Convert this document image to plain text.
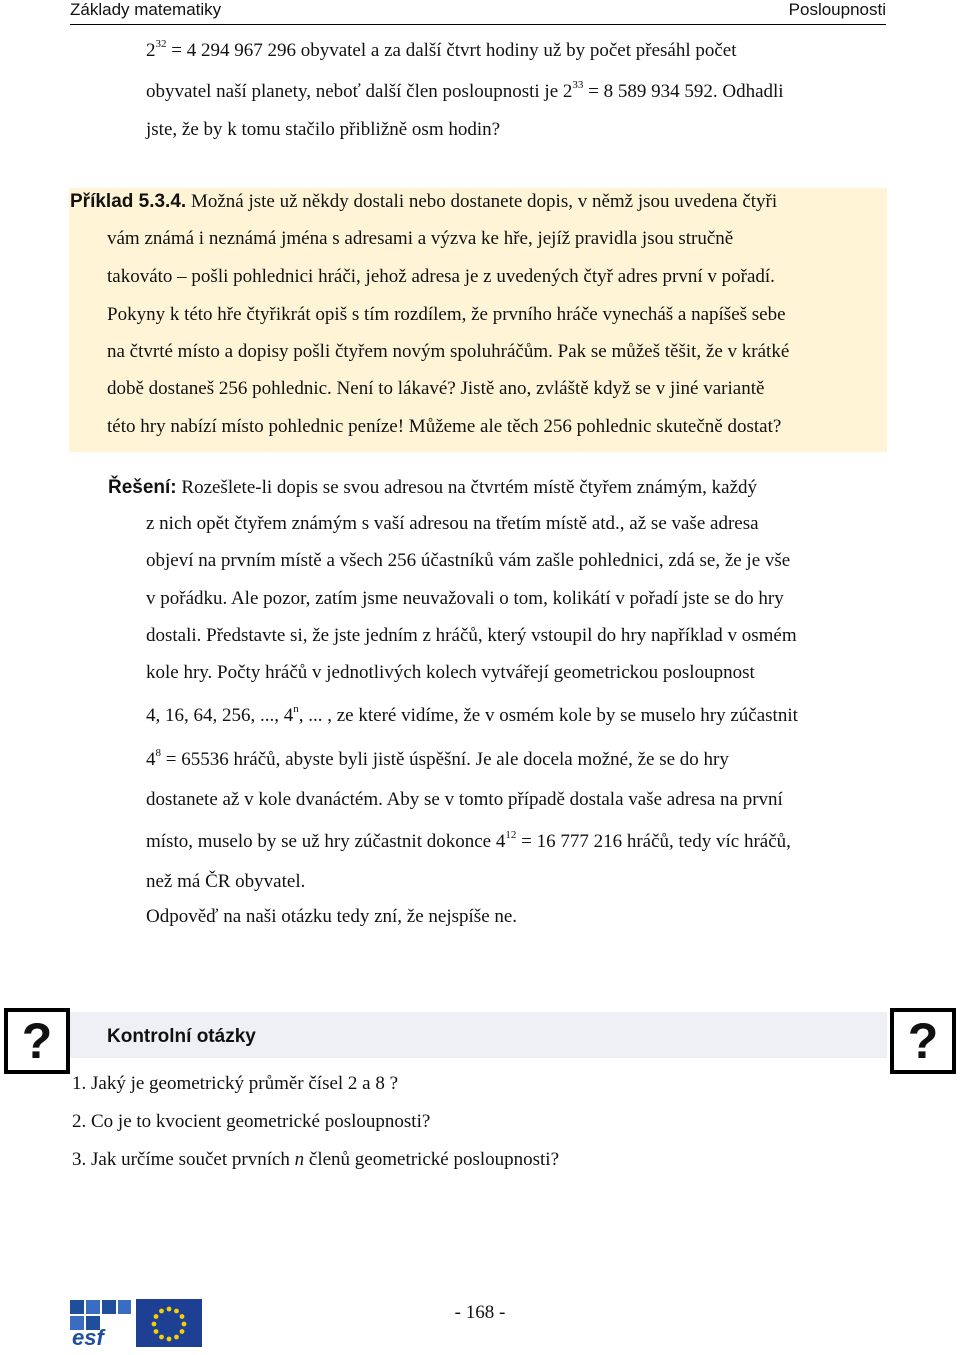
Základy matematiky	Posloupnosti
$2^{32} = 4$ 294 967 296 obyvatel a za další čtvrt hodiny už by počet přesáhl počet
obyvatel naší planety, neboť další člen posloupnosti je $2^{33} = 8$ 589 934 592. Odhadli
jste, že by k tomu stačilo přibližně osm hodin?
Příklad 5.3.4. Možná jste už někdy dostali nebo dostanete dopis, v němž jsou uvedena čtyři
vám známá i neznámá jména s adresami a výzva ke hře, jejíž pravidla jsou stručně
takováto – pošli pohlednici hráči, jehož adresa je z uvedených čtyř adres první v pořadí.
Pokyny k této hře čtyřikrát opiš s tím rozdílem, že prvního hráče vynecháš a napíšeš sebe
na čtvrté místo a dopisy pošli čtyřem novým spoluhráčům. Pak se můžeš těšit, že v krátké
době dostaneš 256 pohlednic. Není to lákavé? Jistě ano, zvláště když se v jiné variantě
této hry nabízí místo pohlednic peníze! Můžeme ale těch 256 pohlednic skutečně dostat?
Řešení: Rozešlete-li dopis se svou adresou na čtvrtém místě čtyřem známým, každý
z nich opět čtyřem známým s vaší adresou na třetím místě atd., až se vaše adresa
objeví na prvním místě a všech 256 účastníků vám zašle pohlednici, zdá se, že je vše
v pořádku. Ale pozor, zatím jsme neuvažovali o tom, kolikátí v pořadí jste se do hry
dostali. Představte si, že jste jedním z hráčů, který vstoupil do hry například v osmém
kole hry. Počty hráčů v jednotlivých kolech vytvářejí geometrickou posloupnost
4, 16, 64, 256, ..., 4$^n$, ... , ze které vidíme, že v osmém kole by se muselo hry zúčastnit
$4^8 = 65536$ hráčů, abyste byli jistě úspěšní. Je ale docela možné, že se do hry
dostanete až v kole dvanáctém. Aby se v tomto případě dostala vaše adresa na první
místo, muselo by se už hry zúčastnit dokonce $4^{12} = 16$ 777 216 hráčů, tedy víc hráčů,
než má ČR obyvatel.
Odpověď na naši otázku tedy zní, že nejspíše ne.
?	?
Kontrolní otázky
1. Jaký je geometrický průměr čísel 2 a 8 ?
2. Co je to kvocient geometrické posloupnosti?
3. Jak určíme součet prvních n členů geometrické posloupnosti?
esf
- 168 -
